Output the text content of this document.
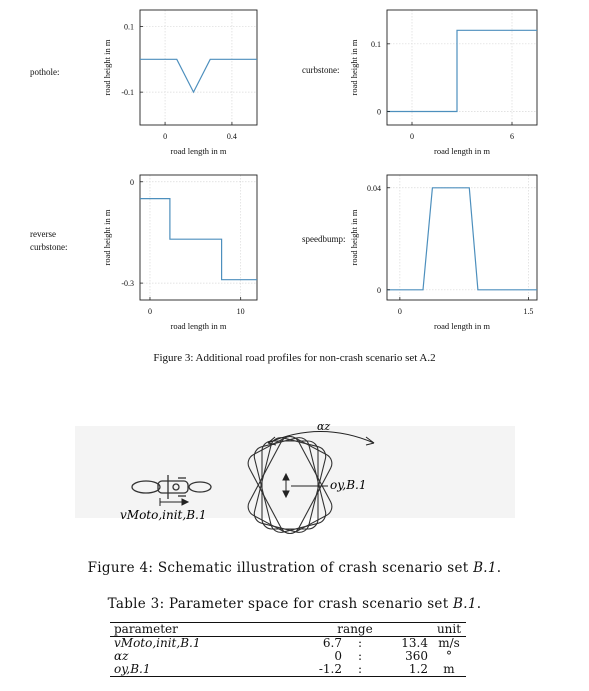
0	0.4
0.1
-0.1
road length in m
road height in m
0	6
0.1
0
road length in m
road height in m
0	10
0
-0.3
road length in m
road height in m
0	1.5
0.04
0
road length in m
road height in m
pothole:	curbstone:
reverse
curbstone:
speedbump:
Figure 3: Additional road profiles for non-crash scenario set A.2
vMoto,init,B.1
αz
oy,B.1
Figure 4: Schematic illustration of crash scenario set B.1.
Table 3: Parameter space for crash scenario set B.1.
parameter	range			unit
vMoto,init,B.1	6.7	:	13.4	m/s
αz	0	:	360	°
oy,B.1	-1.2	:	1.2	m
